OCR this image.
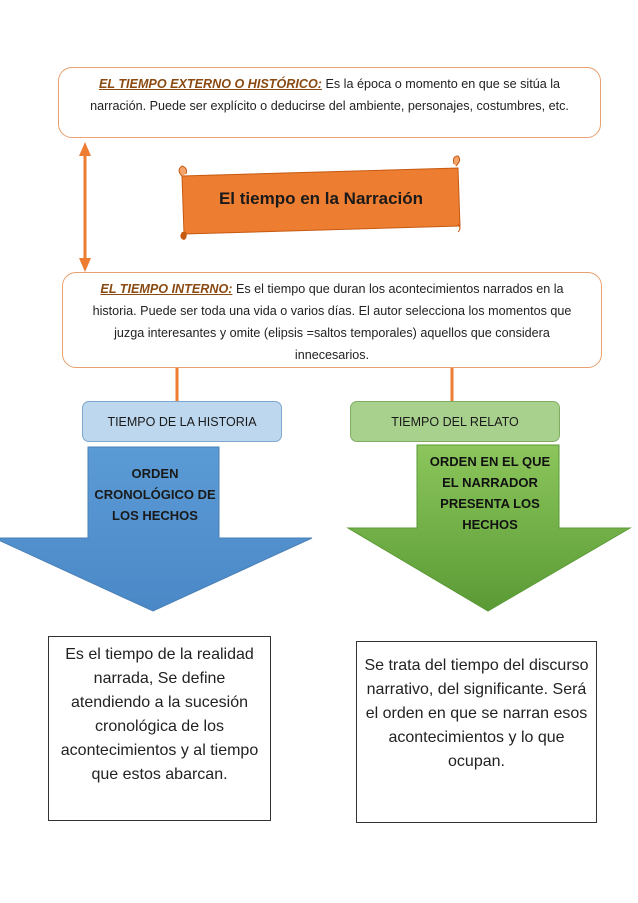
EL TIEMPO EXTERNO O HISTÓRICO: Es la época o momento en que se sitúa la narración. Puede ser explícito o deducirse del ambiente, personajes, costumbres, etc.
El tiempo en la Narración
EL TIEMPO INTERNO: Es el tiempo que duran los acontecimientos narrados en la historia. Puede ser toda una vida o varios días. El autor selecciona los momentos que juzga interesantes y omite (elipsis =saltos temporales) aquellos que considera innecesarios.
TIEMPO DE LA HISTORIA	TIEMPO DEL RELATO
ORDEN CRONOLÓGICO DE LOS HECHOS
ORDEN EN EL QUE EL NARRADOR PRESENTA LOS HECHOS
Es el tiempo de la realidad narrada, Se define atendiendo a la sucesión cronológica de los acontecimientos y al tiempo que estos abarcan.
Se trata del tiempo del discurso narrativo, del significante. Será el orden en que se narran esos acontecimientos y lo que ocupan.
